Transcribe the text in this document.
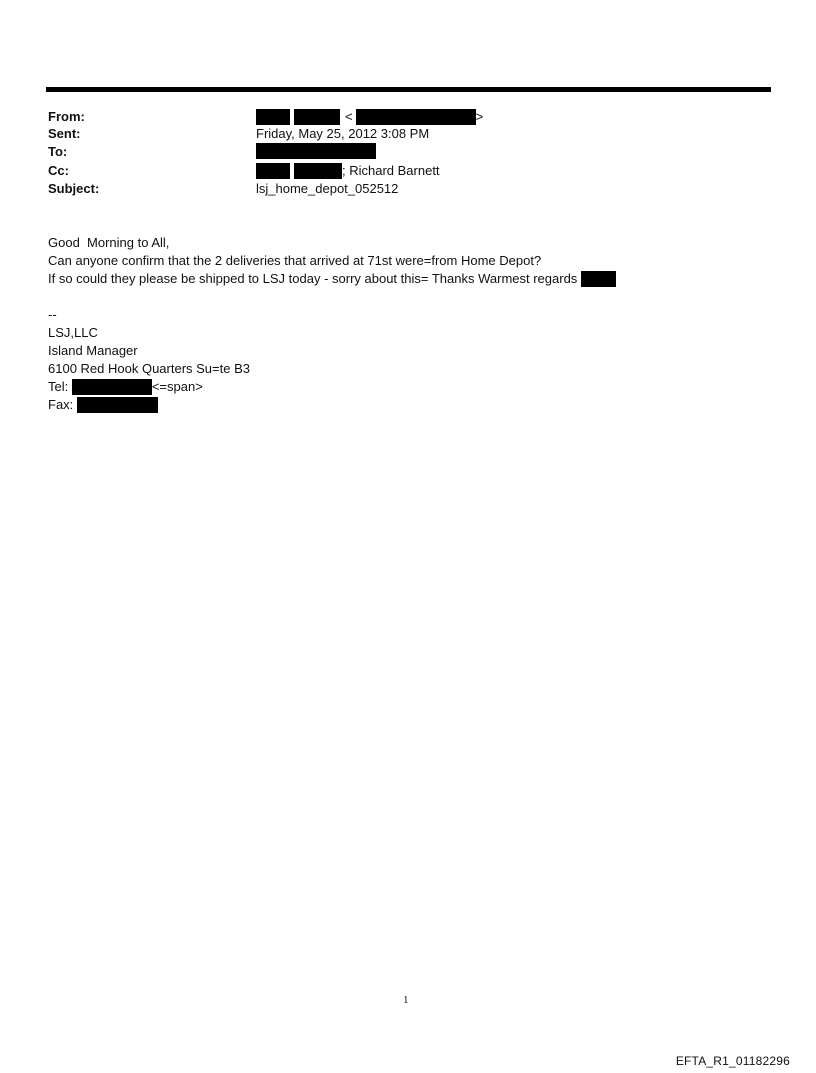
From:
	<	>
Sent:	Friday, May 25, 2012 3:08 PM
To:
Cc:
	; Richard Barnett
Subject:	lsj_home_depot_052512
Good  Morning to All,
Can anyone confirm that the 2 deliveries that arrived at 71st were=from Home Depot?
If so could they please be shipped to LSJ today - sorry about this= Thanks Warmest regards
--
LSJ,LLC
Island Manager
6100 Red Hook Quarters Su=te B3
Tel:	<=span>
Fax:
1
EFTA_R1_01182296
